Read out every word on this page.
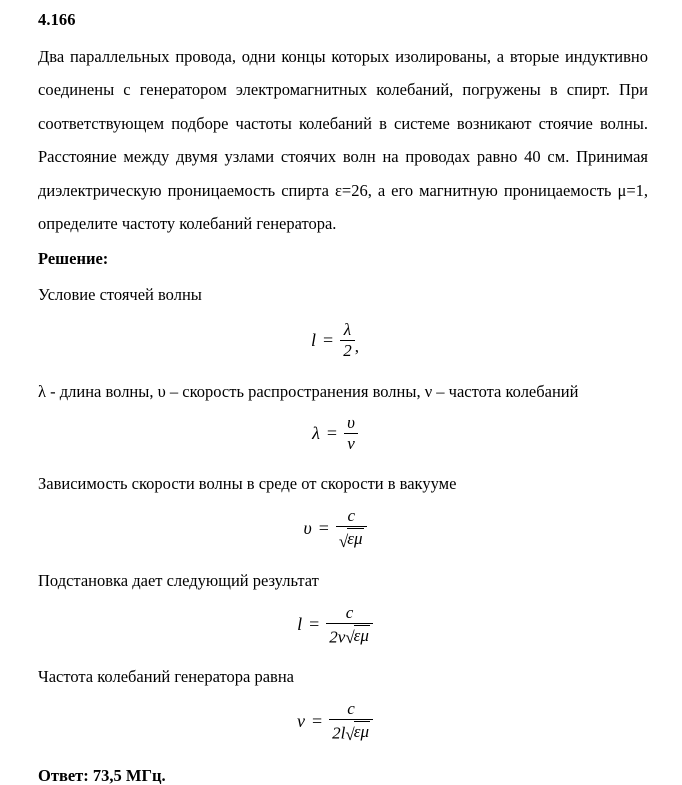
4.166

Два параллельных провода, одни концы которых изолированы, а вторые индуктивно соединены с генератором электромагнитных колебаний, погружены в спирт. При соответствующем подборе частоты колебаний в системе возникают стоячие волны. Расстояние между двумя узлами стоячих волн на проводах равно 40 см. Принимая диэлектрическую проницаемость спирта ε=26, а его магнитную проницаемость μ=1, определите частоту колебаний генератора.

Решение:
Условие стоячей волны
$l = \frac{\lambda}{2}$ ,
λ - длина волны, υ – скорость распространения волны, ν – частота колебаний
$\lambda = \frac{\upsilon}{\nu}$
Зависимость скорости волны в среде от скорости в вакууме
$\upsilon = \frac{c}{√ \varepsilon\mu}$
Подстановка дает следующий результат
$l = \frac{c}{2\nu √ \varepsilon\mu}$
Частота колебаний генератора равна
$\nu = \frac{c}{2l √ \varepsilon\mu}$
Ответ: 73,5 МГц.
